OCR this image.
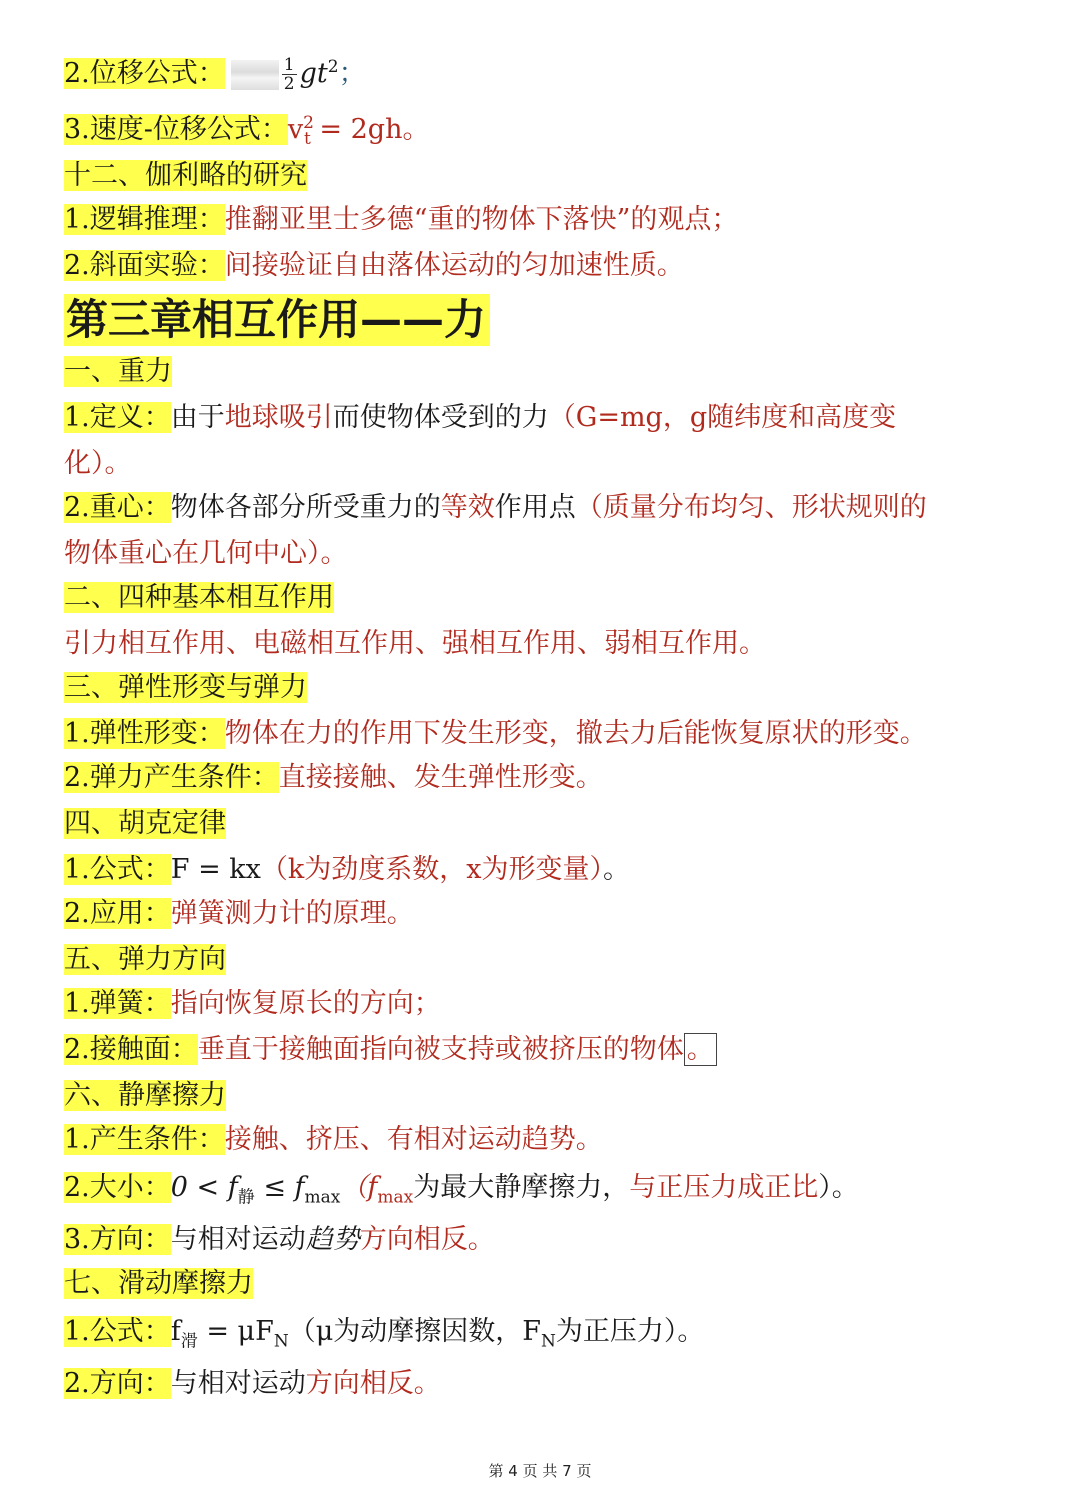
2.位移公式：	$\frac{1}{2} gt^2$；
3.速度-位移公式：$v^2_t = 2gh$。
十二、伽利略的研究
1.逻辑推理：推翻亚里士多德“重的物体下落快”的观点；
2.斜面实验：间接验证自由落体运动的匀加速性质。
第三章相互作用——力
一、重力
1.定义：由于地球吸引而使物体受到的力（G=mg，g随纬度和高度变
化）。
2.重心：物体各部分所受重力的等效作用点（质量分布均匀、形状规则的
物体重心在几何中心）。
二、四种基本相互作用
引力相互作用、电磁相互作用、强相互作用、弱相互作用。
三、弹性形变与弹力
1.弹性形变：物体在力的作用下发生形变，撤去力后能恢复原状的形变。
2.弹力产生条件：直接接触、发生弹性形变。
四、胡克定律
1.公式：F = kx（k为劲度系数，x为形变量）。
2.应用：弹簧测力计的原理。
五、弹力方向
1.弹簧：指向恢复原长的方向；
2.接触面：垂直于接触面指向被支持或被挤压的物体 。
六、静摩擦力
1.产生条件：接触、挤压、有相对运动趋势。
2.大小：$0 < f_静 \le f_{max}(f_{max}$为最大静摩擦力，与正压力成正比）。
3.方向：与相对运动趋势方向相反。
七、滑动摩擦力
1.公式：$f_滑 = \mu F_N(\mu$为动摩擦因数，$F_N$为正压力）。
2.方向：与相对运动方向相反。
第 4 页 共 7 页
